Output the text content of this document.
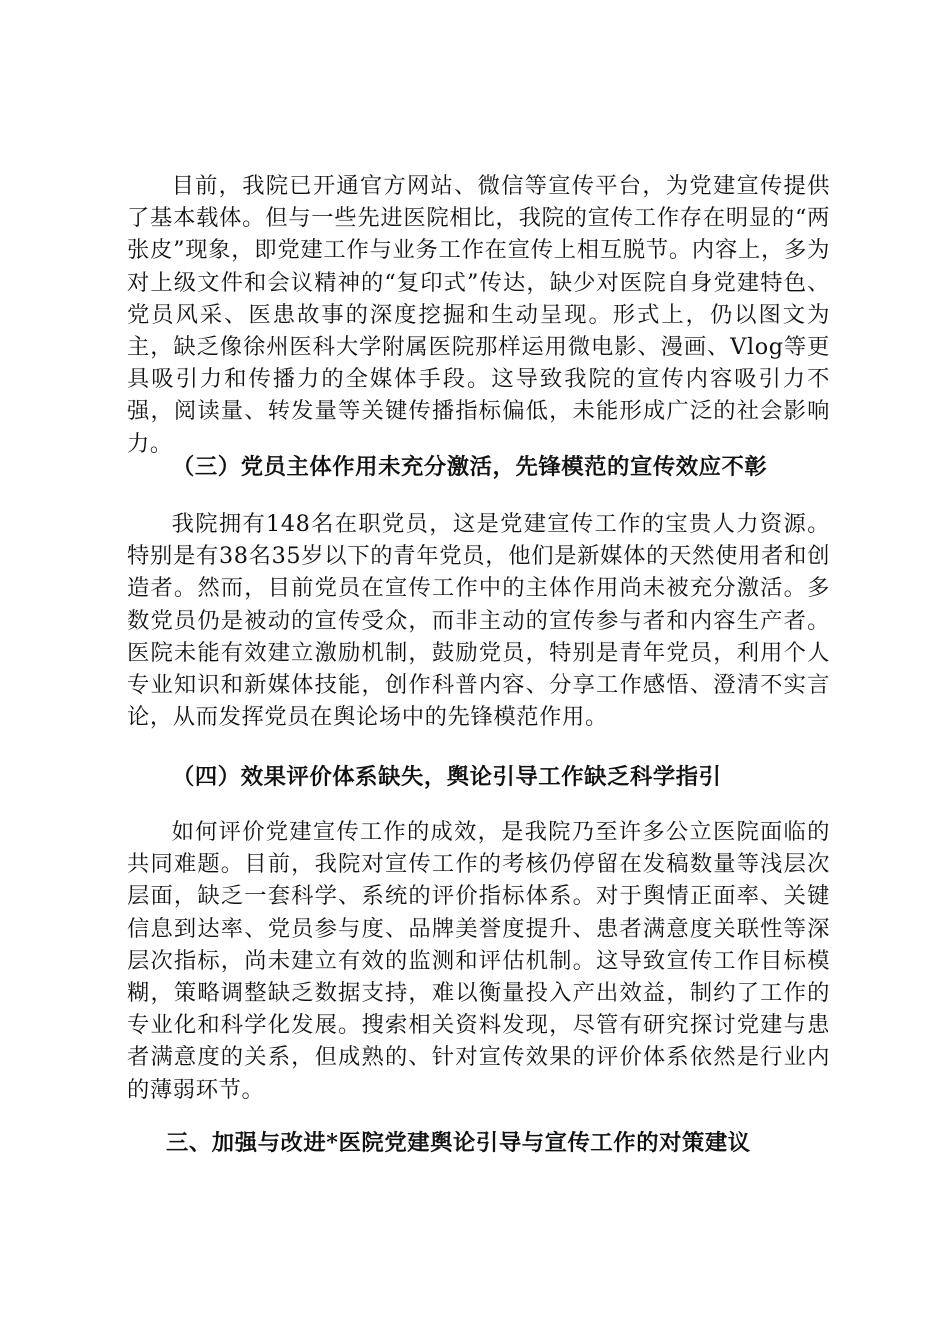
目前，我院已开通官方网站、微信等宣传平台，为党建宣传提供了基本载体。但与一些先进医院相比，我院的宣传工作存在明显的“两张皮”现象，即党建工作与业务工作在宣传上相互脱节。内容上，多为对上级文件和会议精神的“复印式”传达，缺少对医院自身党建特色、党员风采、医患故事的深度挖掘和生动呈现。形式上，仍以图文为主，缺乏像徐州医科大学附属医院那样运用微电影、漫画、Vlog等更具吸引力和传播力的全媒体手段。这导致我院的宣传内容吸引力不强，阅读量、转发量等关键传播指标偏低，未能形成广泛的社会影响力。

（三）党员主体作用未充分激活，先锋模范的宣传效应不彰

我院拥有148名在职党员，这是党建宣传工作的宝贵人力资源。特别是有38名35岁以下的青年党员，他们是新媒体的天然使用者和创造者。然而，目前党员在宣传工作中的主体作用尚未被充分激活。多数党员仍是被动的宣传受众，而非主动的宣传参与者和内容生产者。医院未能有效建立激励机制，鼓励党员，特别是青年党员，利用个人专业知识和新媒体技能，创作科普内容、分享工作感悟、澄清不实言论，从而发挥党员在舆论场中的先锋模范作用。

（四）效果评价体系缺失，舆论引导工作缺乏科学指引

如何评价党建宣传工作的成效，是我院乃至许多公立医院面临的共同难题。目前，我院对宣传工作的考核仍停留在发稿数量等浅层次层面，缺乏一套科学、系统的评价指标体系。对于舆情正面率、关键信息到达率、党员参与度、品牌美誉度提升、患者满意度关联性等深层次指标，尚未建立有效的监测和评估机制。这导致宣传工作目标模糊，策略调整缺乏数据支持，难以衡量投入产出效益，制约了工作的专业化和科学化发展。搜索相关资料发现，尽管有研究探讨党建与患者满意度的关系，但成熟的、针对宣传效果的评价体系依然是行业内的薄弱环节。

三、加强与改进*医院党建舆论引导与宣传工作的对策建议
